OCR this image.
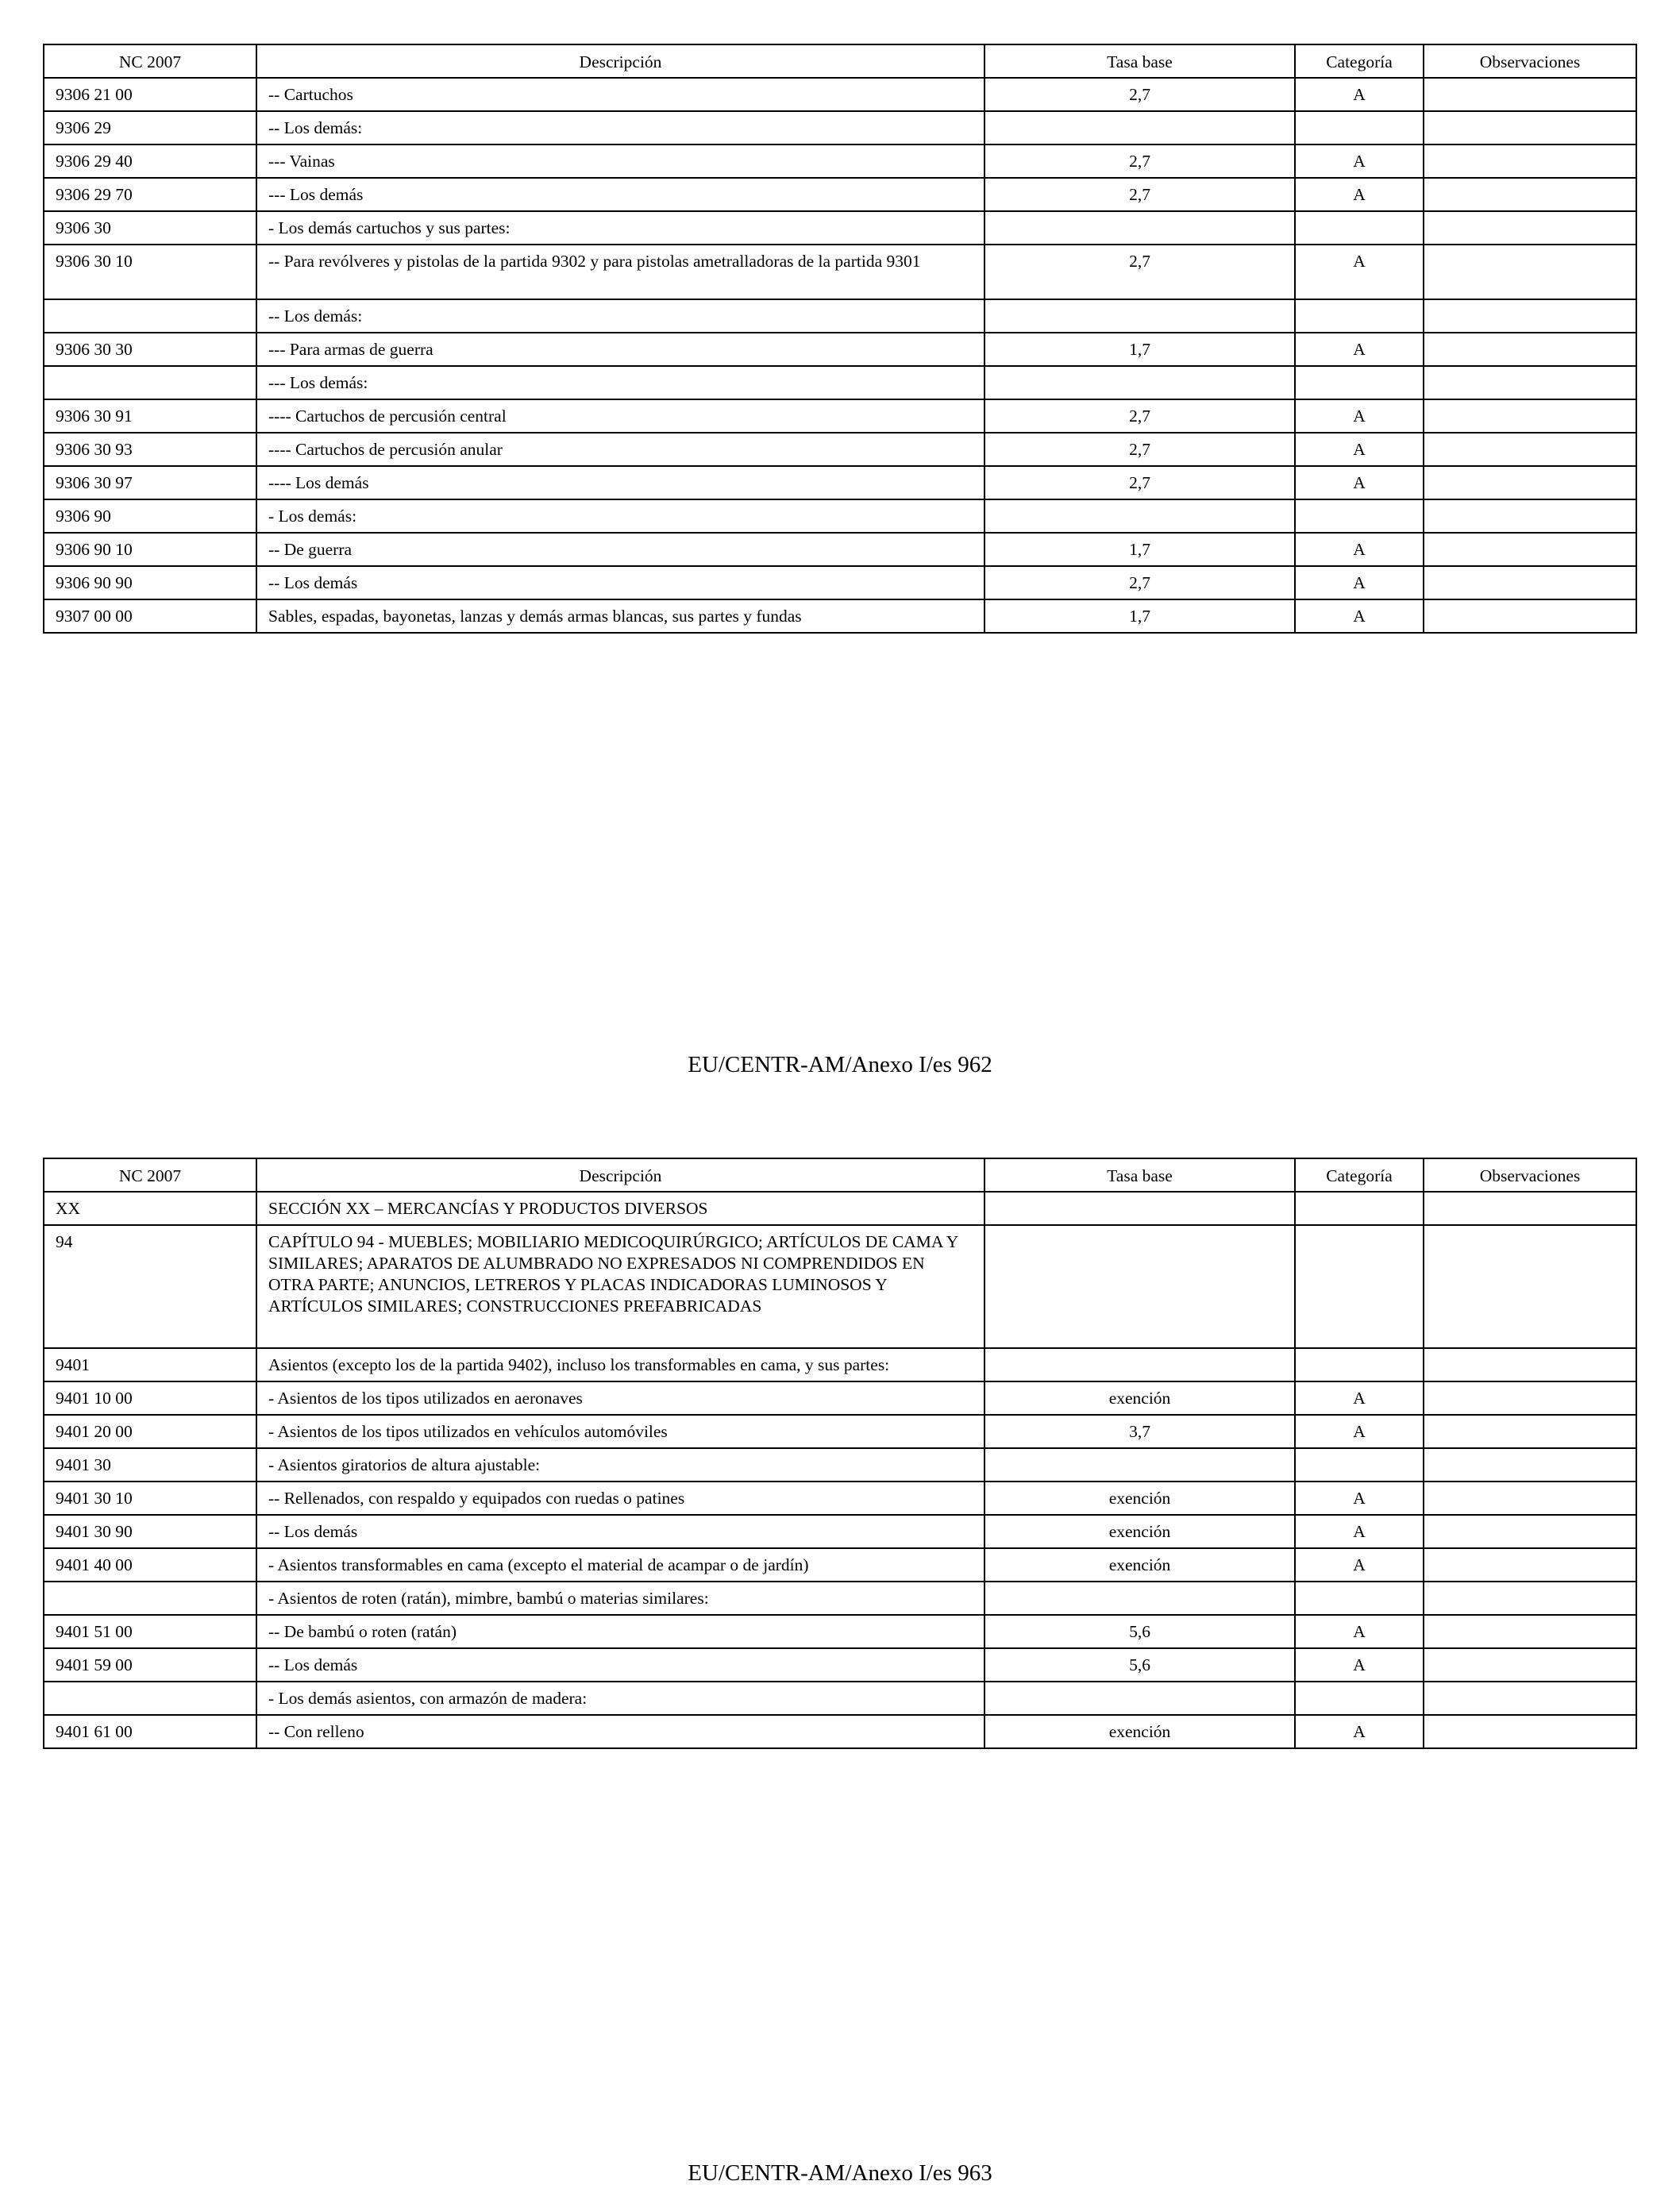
NC 2007	Descripción	Tasa base	Categoría	Observaciones
9306 21 00	-- Cartuchos	2,7	A	
9306 29	-- Los demás:			
9306 29 40	--- Vainas	2,7	A	
9306 29 70	--- Los demás	2,7	A	
9306 30	- Los demás cartuchos y sus partes:			
9306 30 10	-- Para revólveres y pistolas de la partida 9302 y para pistolas ametralladoras de la partida 9301	2,7	A	
	-- Los demás:			
9306 30 30	--- Para armas de guerra	1,7	A	
	--- Los demás:			
9306 30 91	---- Cartuchos de percusión central	2,7	A	
9306 30 93	---- Cartuchos de percusión anular	2,7	A	
9306 30 97	---- Los demás	2,7	A	
9306 90	- Los demás:			
9306 90 10	-- De guerra	1,7	A	
9306 90 90	-- Los demás	2,7	A	
9307 00 00	Sables, espadas, bayonetas, lanzas y demás armas blancas, sus partes y fundas	1,7	A	
EU/CENTR-AM/Anexo I/es 962
NC 2007	Descripción	Tasa base	Categoría	Observaciones
XX	SECCIÓN XX – MERCANCÍAS Y PRODUCTOS DIVERSOS			
94	CAPÍTULO 94 - MUEBLES; MOBILIARIO MEDICOQUIRÚRGICO; ARTÍCULOS DE CAMA Y SIMILARES; APARATOS DE ALUMBRADO NO EXPRESADOS NI COMPRENDIDOS EN OTRA PARTE; ANUNCIOS, LETREROS Y PLACAS INDICADORAS LUMINOSOS Y ARTÍCULOS SIMILARES; CONSTRUCCIONES PREFABRICADAS			
9401	Asientos (excepto los de la partida 9402), incluso los transformables en cama, y sus partes:			
9401 10 00	- Asientos de los tipos utilizados en aeronaves	exención	A	
9401 20 00	- Asientos de los tipos utilizados en vehículos automóviles	3,7	A	
9401 30	- Asientos giratorios de altura ajustable:			
9401 30 10	-- Rellenados, con respaldo y equipados con ruedas o patines	exención	A	
9401 30 90	-- Los demás	exención	A	
9401 40 00	- Asientos transformables en cama (excepto el material de acampar o de jardín)	exención	A	
	- Asientos de roten (ratán), mimbre, bambú o materias similares:			
9401 51 00	-- De bambú o roten (ratán)	5,6	A	
9401 59 00	-- Los demás	5,6	A	
	- Los demás asientos, con armazón de madera:			
9401 61 00	-- Con relleno	exención	A	
EU/CENTR-AM/Anexo I/es 963
